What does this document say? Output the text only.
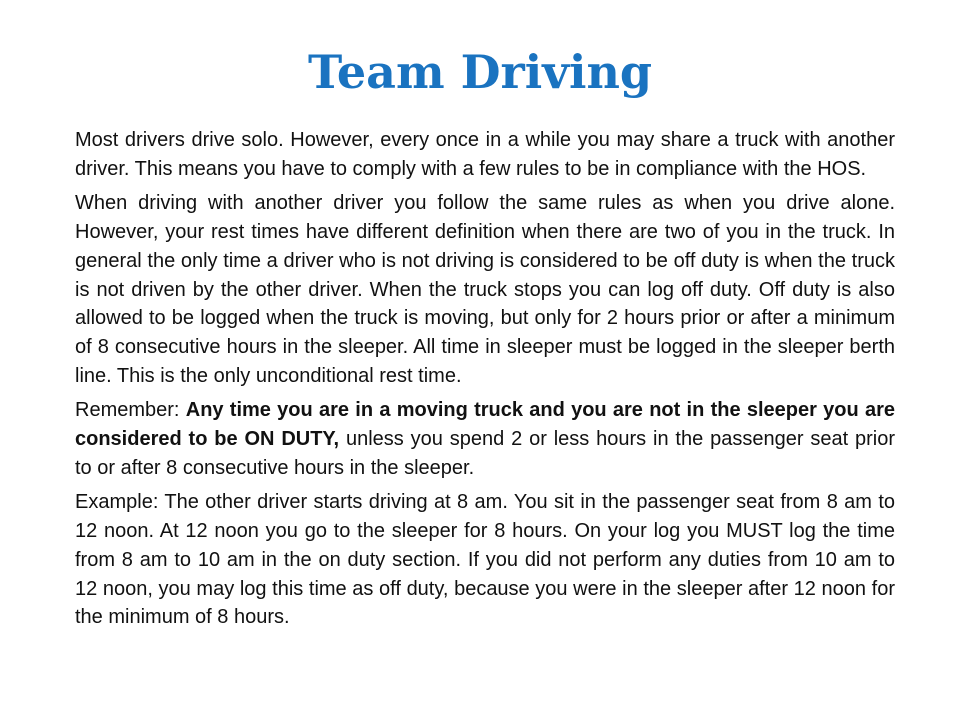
Team Driving

Most drivers drive solo. However, every once in a while you may share a truck with another driver. This means you have to comply with a few rules to be in compliance with the HOS.

When driving with another driver you follow the same rules as when you drive alone. However, your rest times have different definition when there are two of you in the truck. In general the only time a driver who is not driving is considered to be off duty is when the truck is not driven by the other driver. When the truck stops you can log off duty. Off duty is also allowed to be logged when the truck is moving, but only for 2 hours prior or after a minimum of 8 consecutive hours in the sleeper. All time in sleeper must be logged in the sleeper berth line. This is the only unconditional rest time.

Remember: Any time you are in a moving truck and you are not in the sleeper you are considered to be ON DUTY, unless you spend 2 or less hours in the passenger seat prior to or after 8 consecutive hours in the sleeper.

Example: The other driver starts driving at 8 am. You sit in the passenger seat from 8 am to 12 noon. At 12 noon you go to the sleeper for 8 hours. On your log you MUST log the time from 8 am to 10 am in the on duty section. If you did not perform any duties from 10 am to 12 noon, you may log this time as off duty, because you were in the sleeper after 12 noon for the minimum of 8 hours.
